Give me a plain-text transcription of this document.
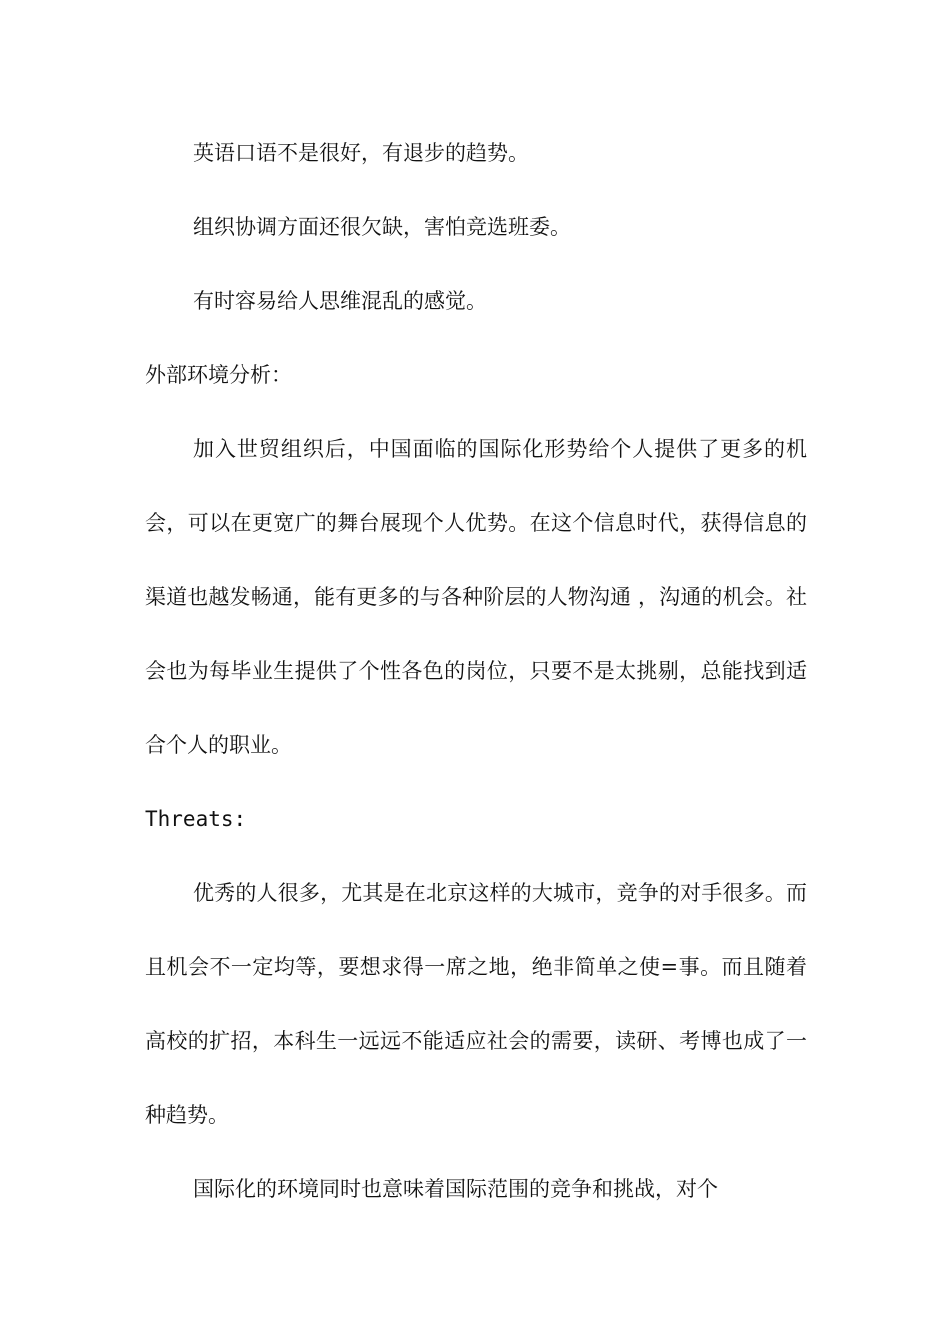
英语口语不是很好，有退步的趋势。

组织协调方面还很欠缺，害怕竞选班委。

有时容易给人思维混乱的感觉。

外部环境分析：

加入世贸组织后，中国面临的国际化形势给个人提供了更多的机会，可以在更宽广的舞台展现个人优势。在这个信息时代，获得信息的渠道也越发畅通，能有更多的与各种阶层的人物沟通 ，沟通的机会。社会也为每毕业生提供了个性各色的岗位，只要不是太挑剔，总能找到适合个人的职业。

Threats:

优秀的人很多，尤其是在北京这样的大城市，竞争的对手很多。而且机会不一定均等，要想求得一席之地，绝非简单之使=事。而且随着高校的扩招，本科生一远远不能适应社会的需要，读研、考博也成了一种趋势。

国际化的环境同时也意味着国际范围的竞争和挑战，对个
